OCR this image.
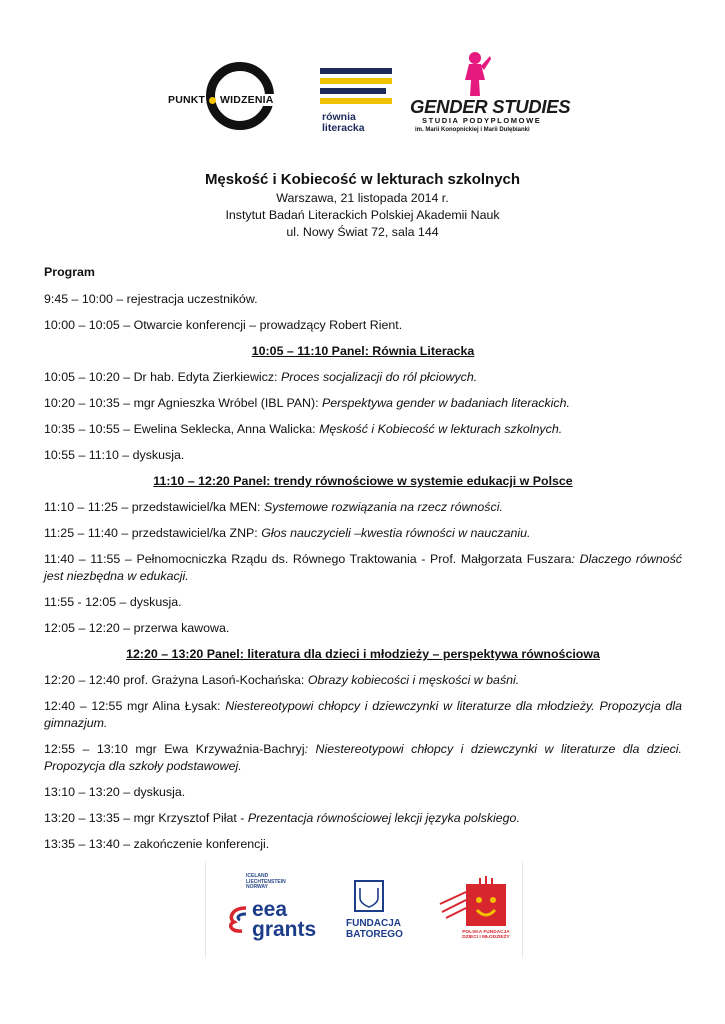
PUNKT WIDZENIA
równia
literacka
GENDER STUDIES
STUDIA PODYPLOMOWE
im. Marii Konopnickiej i Marii Dulębianki

Męskość i Kobiecość w lekturach szkolnych

Warszawa, 21 listopada 2014 r.

Instytut Badań Literackich Polskiej Akademii Nauk

ul. Nowy Świat 72, sala 144

Program

9:45 – 10:00 – rejestracja uczestników.

10:00 – 10:05 – Otwarcie konferencji – prowadzący Robert Rient.

10:05 – 11:10 Panel: Równia Literacka

10:05 – 10:20 – Dr hab. Edyta Zierkiewicz: Proces socjalizacji do ról płciowych.

10:20 – 10:35 – mgr Agnieszka Wróbel (IBL PAN): Perspektywa gender w badaniach literackich.

10:35 – 10:55 – Ewelina Seklecka, Anna Walicka: Męskość i Kobiecość w lekturach szkolnych.

10:55 – 11:10 – dyskusja.

11:10 – 12:20 Panel: trendy równościowe w systemie edukacji w Polsce

11:10 – 11:25 – przedstawiciel/ka MEN: Systemowe rozwiązania na rzecz równości.

11:25 – 11:40 – przedstawiciel/ka ZNP: Głos nauczycieli –kwestia równości w nauczaniu.

11:40 – 11:55 – Pełnomocniczka Rządu ds. Równego Traktowania - Prof. Małgorzata Fuszara: Dlaczego równość jest niezbędna w edukacji.

11:55 - 12:05 – dyskusja.

12:05 – 12:20 – przerwa kawowa.

12:20 – 13:20 Panel: literatura dla dzieci i młodzieży – perspektywa równościowa

12:20 – 12:40 prof. Grażyna Lasoń-Kochańska: Obrazy kobiecości i męskości w baśni.

12:40 – 12:55 mgr Alina Łysak: Niestereotypowi chłopcy i dziewczynki w literaturze dla młodzieży. Propozycja dla gimnazjum.

12:55 – 13:10 mgr Ewa Krzywaźnia-Bachryj: Niestereotypowi chłopcy i dziewczynki w literaturze dla dzieci. Propozycja dla szkoły podstawowej.

13:10 – 13:20 – dyskusja.

13:20 – 13:35 – mgr Krzysztof Piłat - Prezentacja równościowej lekcji języka polskiego.

13:35 – 13:40 – zakończenie konferencji.

ICELAND
LIECHTENSTEIN
NORWAY
eea
grants	FUNDACJA
BATOREGO	POLSKA FUNDACJA DZIECI I MŁODZIEŻY
